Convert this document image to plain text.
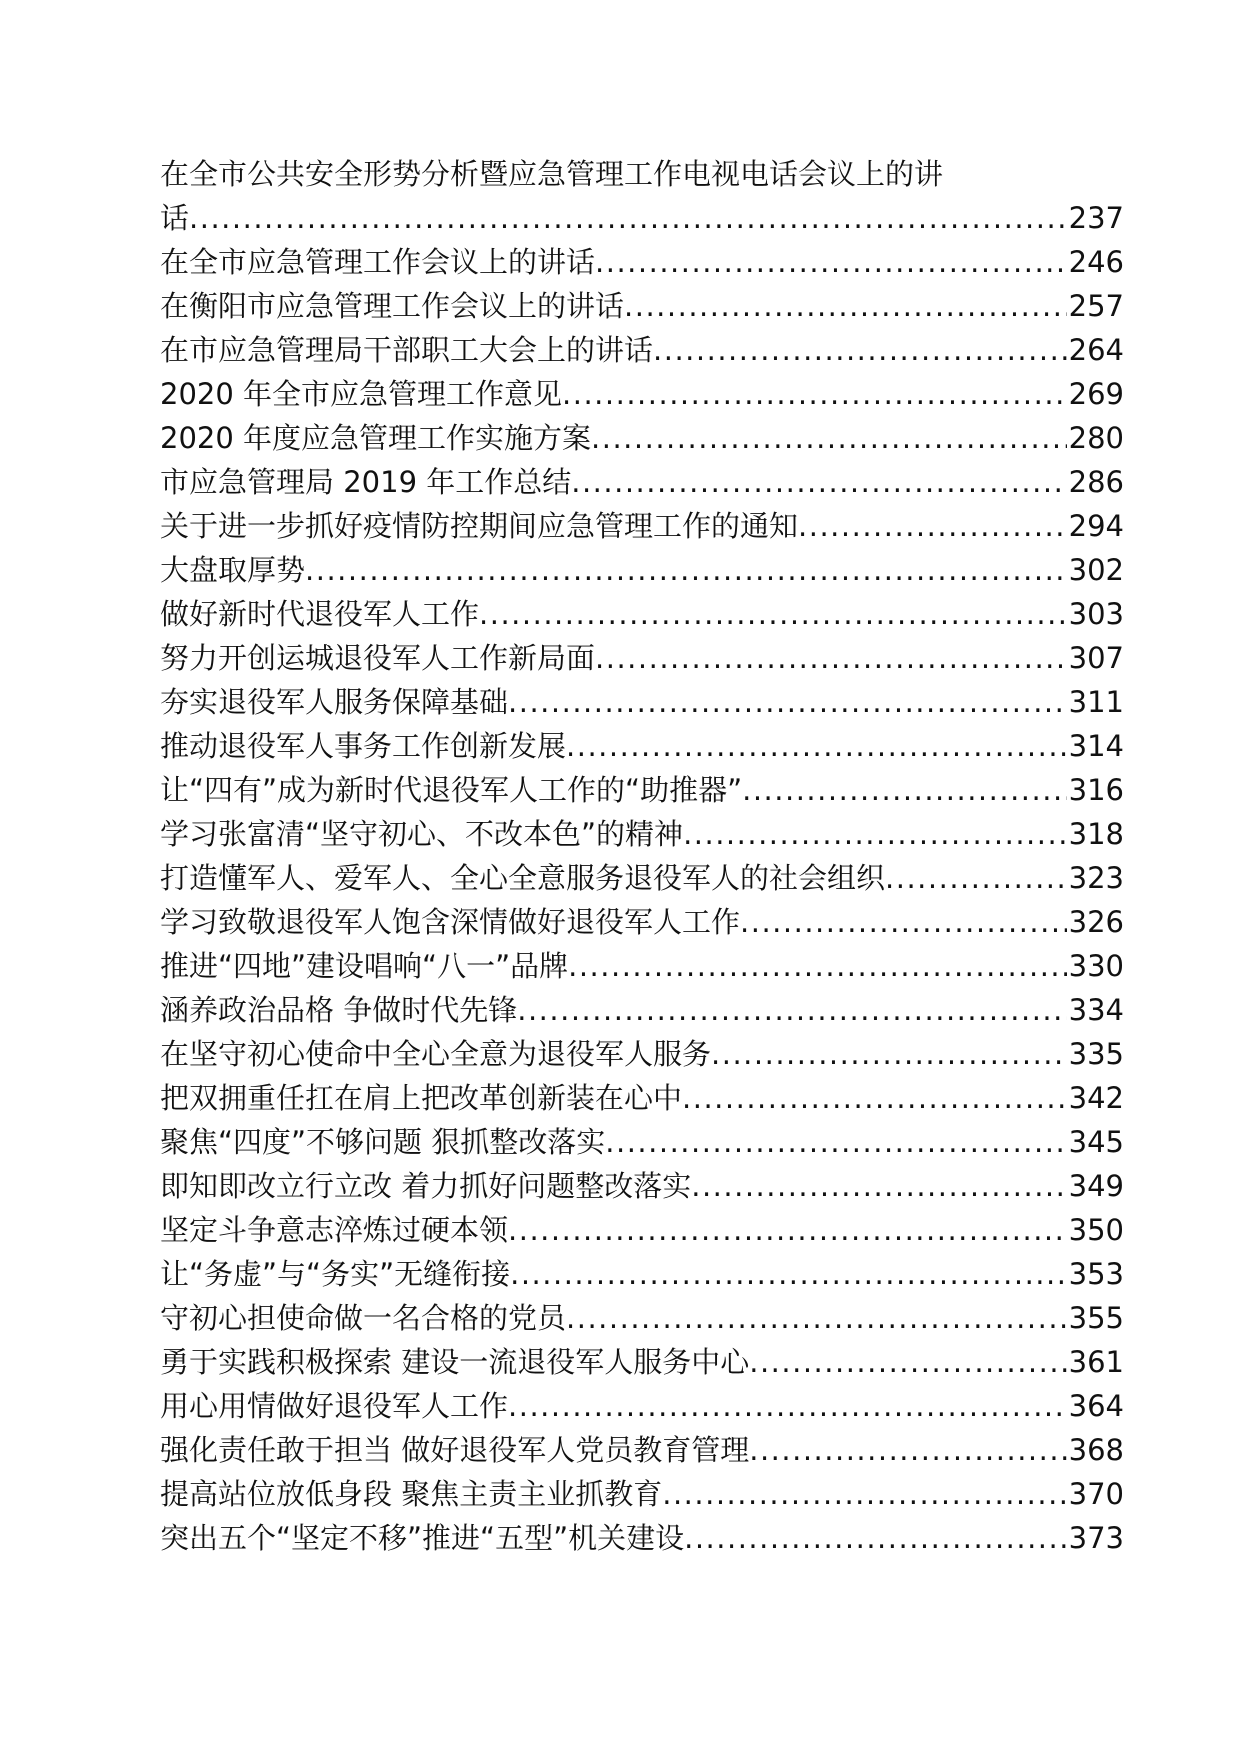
在全市公共安全形势分析暨应急管理工作电视电话会议上的讲
话 .....	237
在全市应急管理工作会议上的讲话 .....	246
在衡阳市应急管理工作会议上的讲话 .....	257
在市应急管理局干部职工大会上的讲话 .....	264
2020 年全市应急管理工作意见 .....	269
2020 年度应急管理工作实施方案 .....	280
市应急管理局 2019 年工作总结 .....	286
关于进一步抓好疫情防控期间应急管理工作的通知 .....	294
大盘取厚势 .....	302
做好新时代退役军人工作 .....	303
努力开创运城退役军人工作新局面 .....	307
夯实退役军人服务保障基础 .....	311
推动退役军人事务工作创新发展 .....	314
让“四有”成为新时代退役军人工作的“助推器” .....	316
学习张富清“坚守初心、不改本色”的精神 .....	318
打造懂军人、爱军人、全心全意服务退役军人的社会组织 .....	323
学习致敬退役军人饱含深情做好退役军人工作 .....	326
推进“四地”建设唱响“八一”品牌 .....	330
涵养政治品格 争做时代先锋 .....	334
在坚守初心使命中全心全意为退役军人服务 .....	335
把双拥重任扛在肩上把改革创新装在心中 .....	342
聚焦“四度”不够问题 狠抓整改落实 .....	345
即知即改立行立改 着力抓好问题整改落实 .....	349
坚定斗争意志淬炼过硬本领 .....	350
让“务虚”与“务实”无缝衔接 .....	353
守初心担使命做一名合格的党员 .....	355
勇于实践积极探索 建设一流退役军人服务中心 .....	361
用心用情做好退役军人工作 .....	364
强化责任敢于担当 做好退役军人党员教育管理 .....	368
提高站位放低身段 聚焦主责主业抓教育 .....	370
突出五个“坚定不移”推进“五型”机关建设 .....	373
